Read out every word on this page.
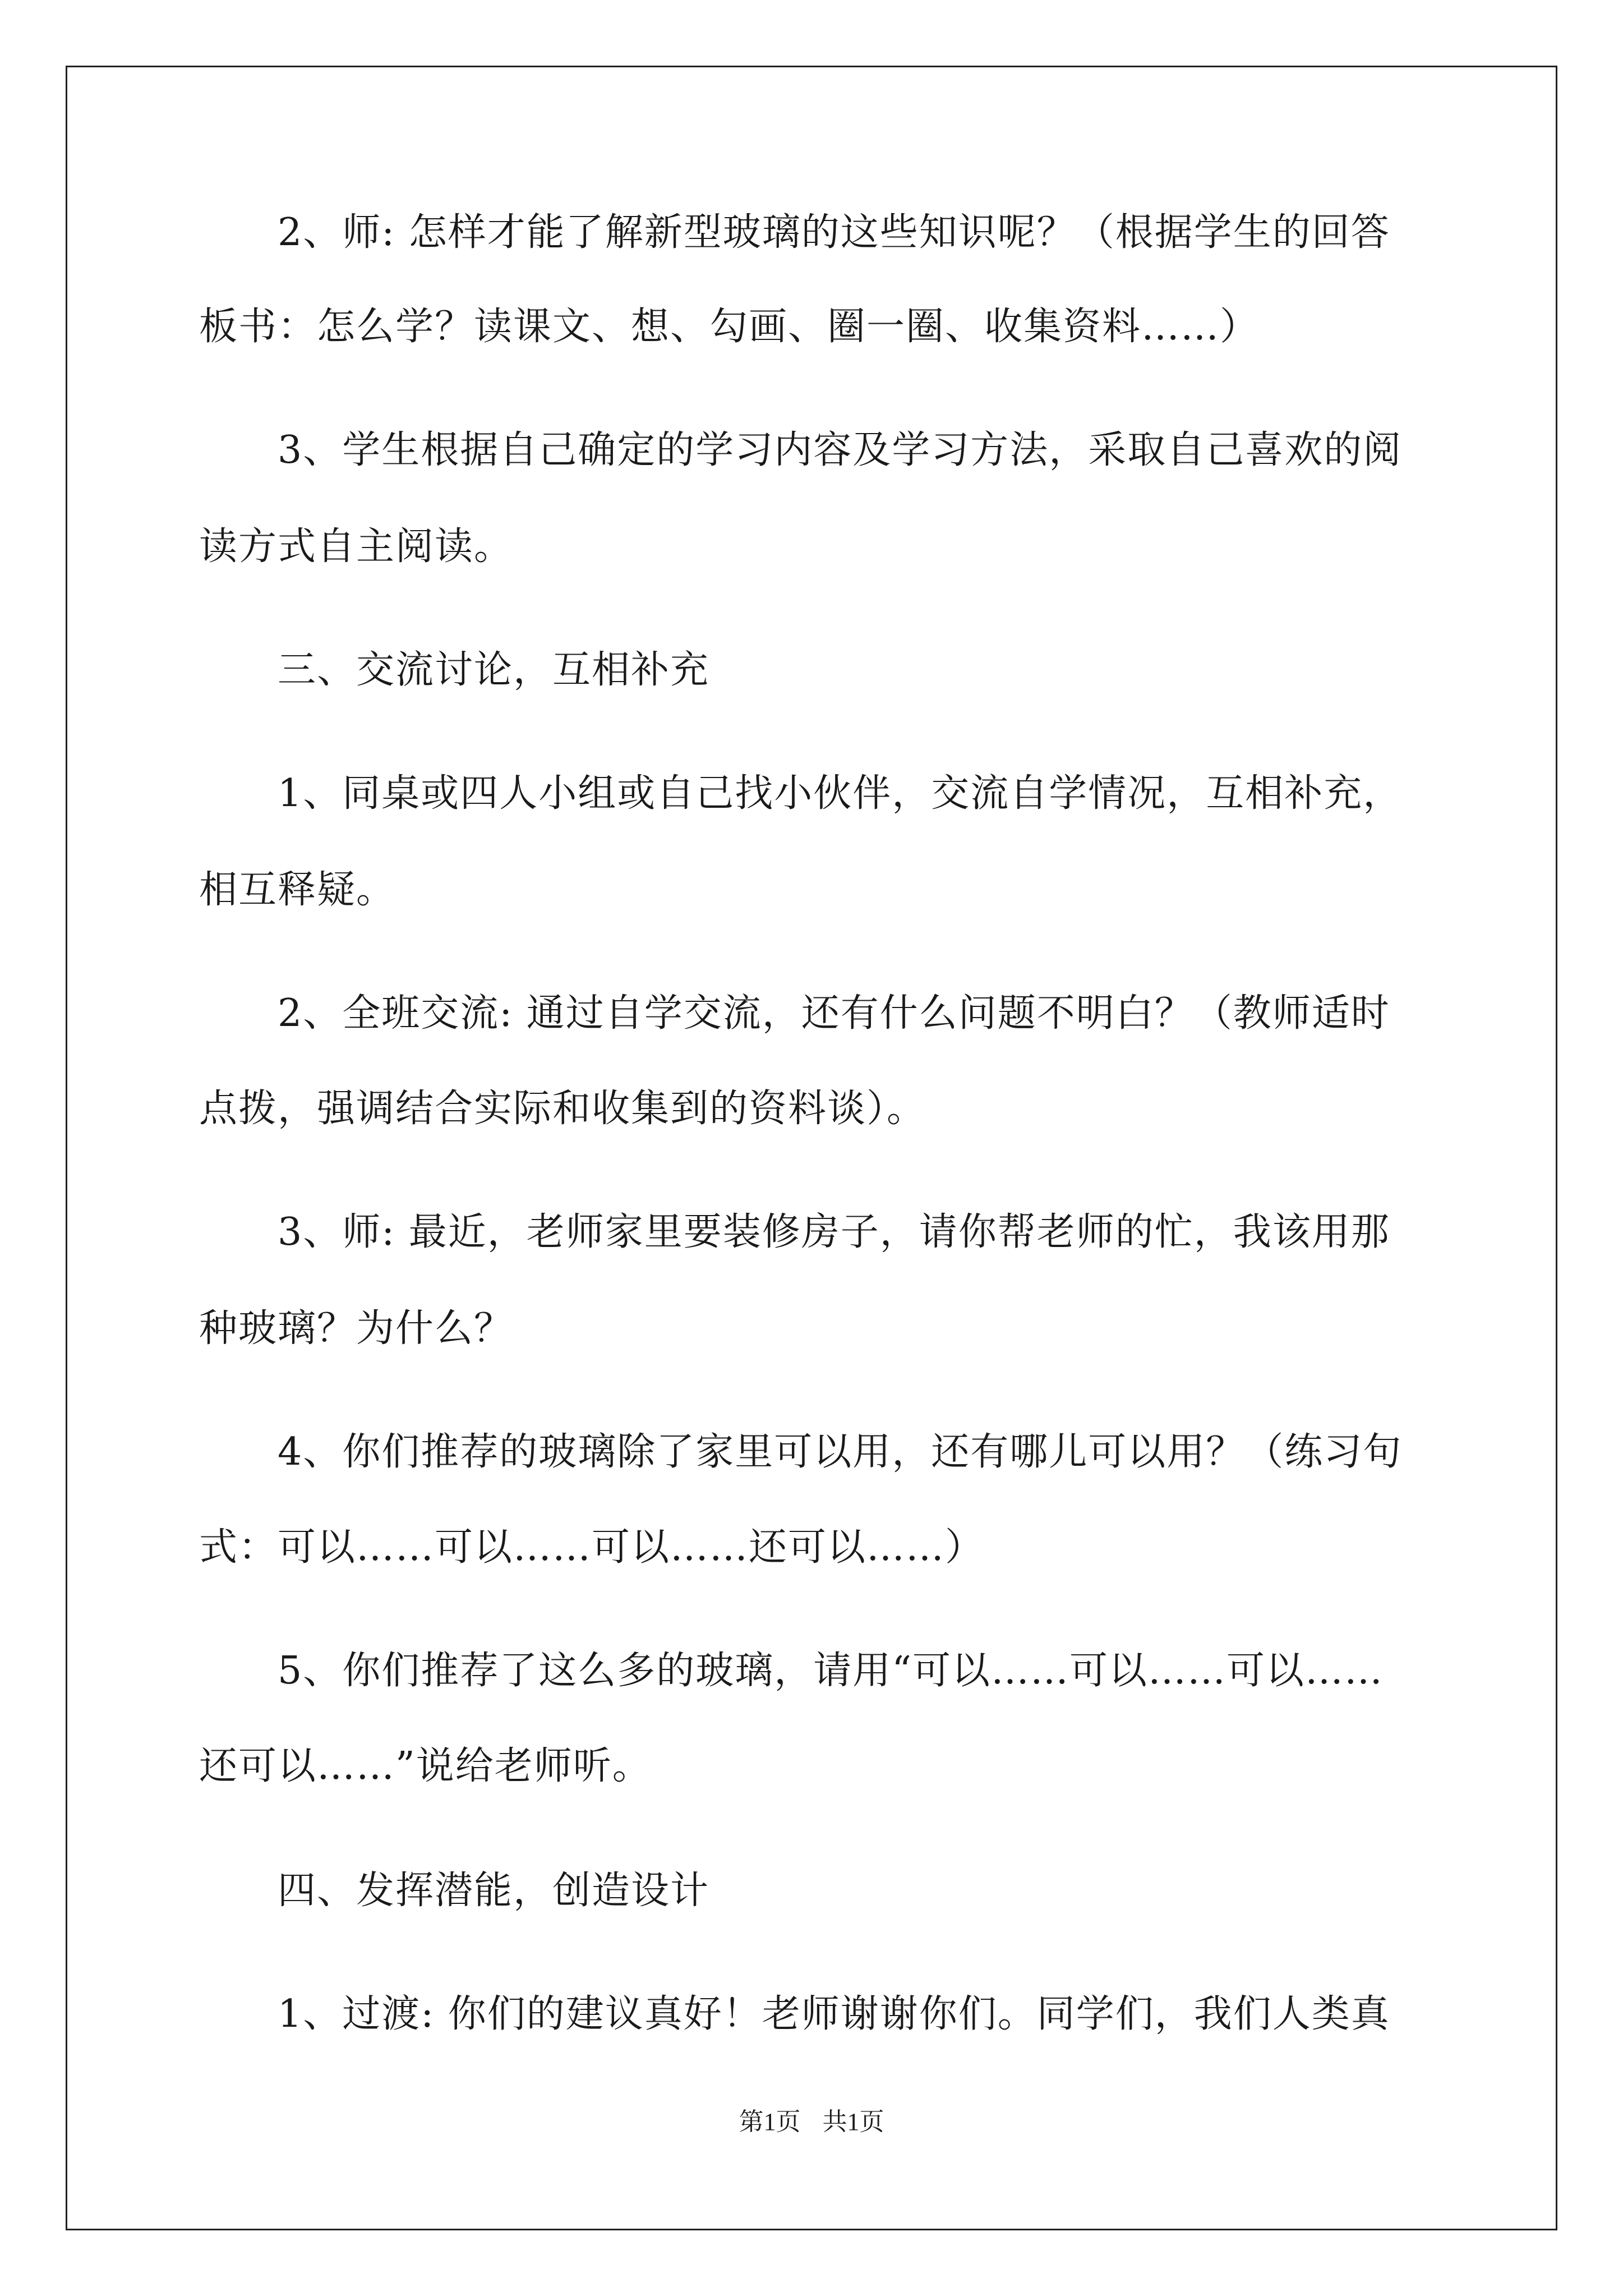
2、师: 怎样才能了解新型玻璃的这些知识呢？（根据学生的回答
板书：怎么学？读课文、想、勾画、圈一圈、收集资料……）
3、学生根据自己确定的学习内容及学习方法，采取自己喜欢的阅
读方式自主阅读。
三、交流讨论，互相补充
1、同桌或四人小组或自己找小伙伴，交流自学情况，互相补充，
相互释疑。
2、全班交流: 通过自学交流，还有什么问题不明白？（教师适时
点拨，强调结合实际和收集到的资料谈）。
3、师: 最近，老师家里要装修房子，请你帮老师的忙，我该用那
种玻璃？为什么？
4、你们推荐的玻璃除了家里可以用，还有哪儿可以用？（练习句
式：可以……可以……可以……还可以……）
5、你们推荐了这么多的玻璃，请用“可以……可以……可以……
还可以……”说给老师听。
四、发挥潜能，创造设计
1、过渡: 你们的建议真好！老师谢谢你们。同学们，我们人类真
第1页 共1页
